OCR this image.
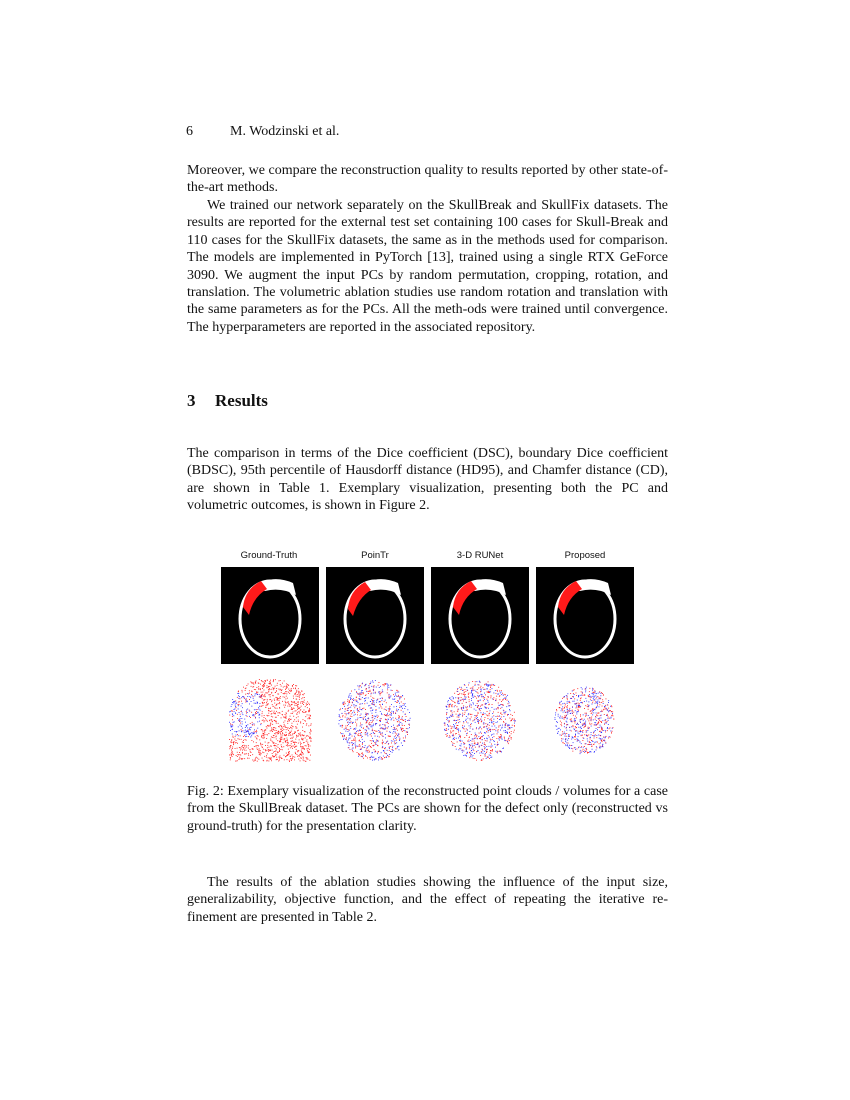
6	M. Wodzinski et al.

Moreover, we compare the reconstruction quality to results reported by other state-of-the-art methods.

We trained our network separately on the SkullBreak and SkullFix datasets. The results are reported for the external test set containing 100 cases for Skull-Break and 110 cases for the SkullFix datasets, the same as in the methods used for comparison. The models are implemented in PyTorch [13], trained using a single RTX GeForce 3090. We augment the input PCs by random permutation, cropping, rotation, and translation. The volumetric ablation studies use random rotation and translation with the same parameters as for the PCs. All the meth-ods were trained until convergence. The hyperparameters are reported in the associated repository.

3 Results

The comparison in terms of the Dice coefficient (DSC), boundary Dice coefficient (BDSC), 95th percentile of Hausdorff distance (HD95), and Chamfer distance (CD), are shown in Table 1. Exemplary visualization, presenting both the PC and volumetric outcomes, is shown in Figure 2.

Ground-Truth	PoinTr	3-D RUNet	Proposed

Fig. 2: Exemplary visualization of the reconstructed point clouds / volumes for a case from the SkullBreak dataset. The PCs are shown for the defect only (reconstructed vs ground-truth) for the presentation clarity.

The results of the ablation studies showing the influence of the input size, generalizability, objective function, and the effect of repeating the iterative re-finement are presented in Table 2.
